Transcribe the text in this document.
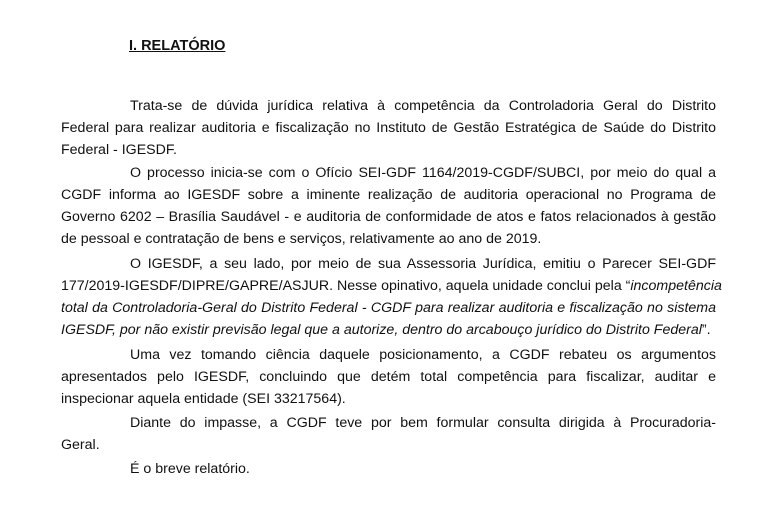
I. RELATÓRIO

Trata-se de dúvida jurídica relativa à competência da Controladoria Geral do Distrito
Federal para realizar auditoria e fiscalização no Instituto de Gestão Estratégica de Saúde do Distrito
Federal - IGESDF.

O processo inicia-se com o Ofício SEI-GDF 1164/2019-CGDF/SUBCI, por meio do qual a
CGDF informa ao IGESDF sobre a iminente realização de auditoria operacional no Programa de
Governo 6202 – Brasília Saudável - e auditoria de conformidade de atos e fatos relacionados à gestão
de pessoal e contratação de bens e serviços, relativamente ao ano de 2019.

O IGESDF, a seu lado, por meio de sua Assessoria Jurídica, emitiu o Parecer SEI-GDF
177/2019-IGESDF/DIPRE/GAPRE/ASJUR. Nesse opinativo, aquela unidade conclui pela “incompetência
total da Controladoria-Geral do Distrito Federal - CGDF para realizar auditoria e fiscalização no sistema
IGESDF, por não existir previsão legal que a autorize, dentro do arcabouço jurídico do Distrito Federal”.

Uma vez tomando ciência daquele posicionamento, a CGDF rebateu os argumentos
apresentados pelo IGESDF, concluindo que detém total competência para fiscalizar, auditar e
inspecionar aquela entidade (SEI 33217564).

Diante do impasse, a CGDF teve por bem formular consulta dirigida à Procuradoria-
Geral.

É o breve relatório.
